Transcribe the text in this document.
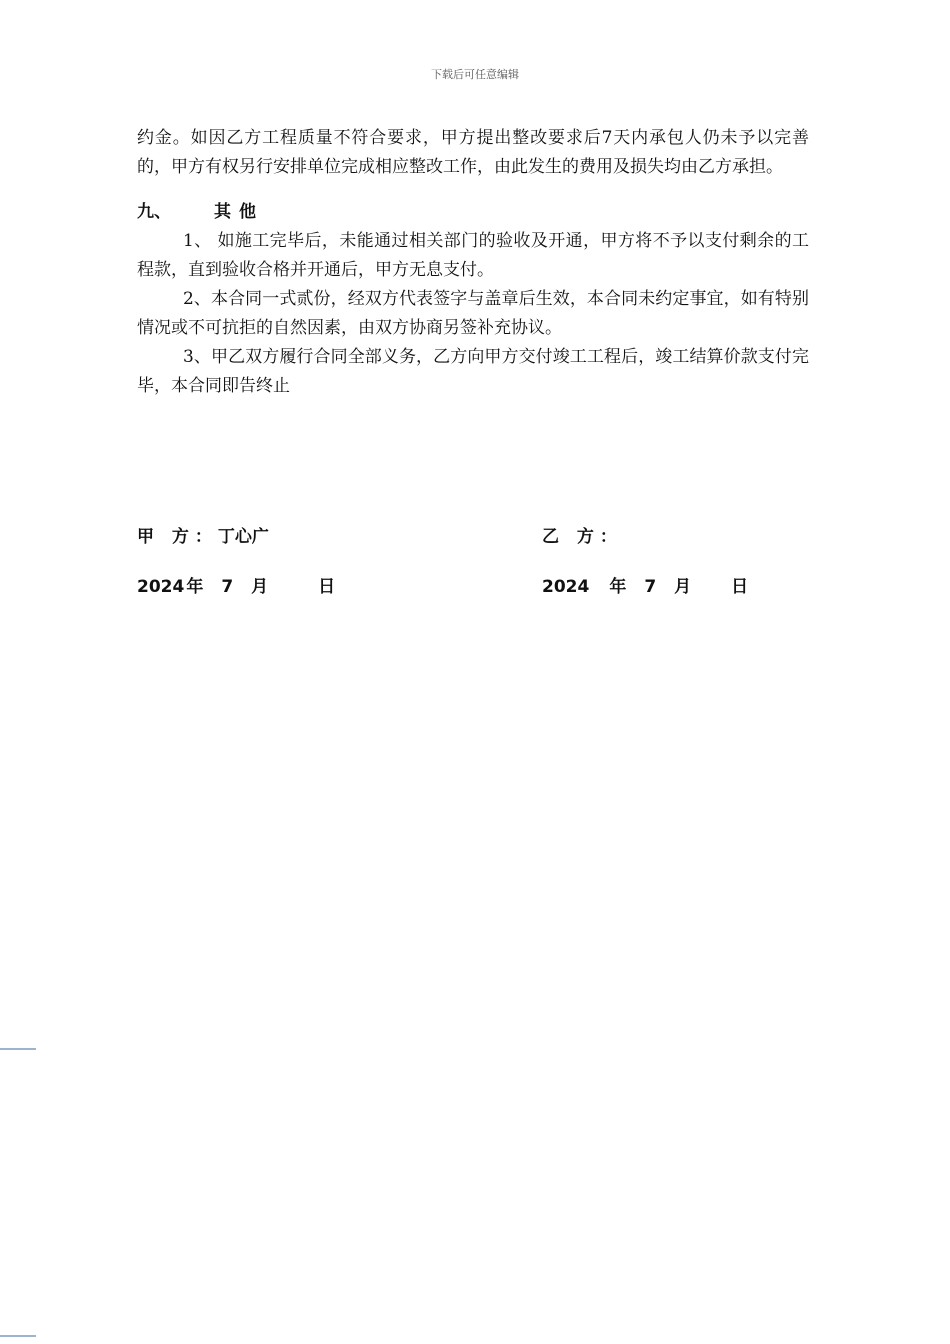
下载后可任意编辑

约金。如因乙方工程质量不符合要求，甲方提出整改要求后7天内承包人仍未予以完善的，甲方有权另行安排单位完成相应整改工作，由此发生的费用及损失均由乙方承担。

九、	其他

1、 如施工完毕后，未能通过相关部门的验收及开通，甲方将不予以支付剩余的工程款，直到验收合格并开通后，甲方无息支付。

2、本合同一式贰份，经双方代表签字与盖章后生效，本合同未约定事宜，如有特别情况或不可抗拒的自然因素，由双方协商另签补充协议。

3、甲乙双方履行合同全部义务，乙方向甲方交付竣工工程后，竣工结算价款支付完毕，本合同即告终止

甲 方：丁心广	乙 方：
2024 年 7 月	日	2024 年 7 月 日
